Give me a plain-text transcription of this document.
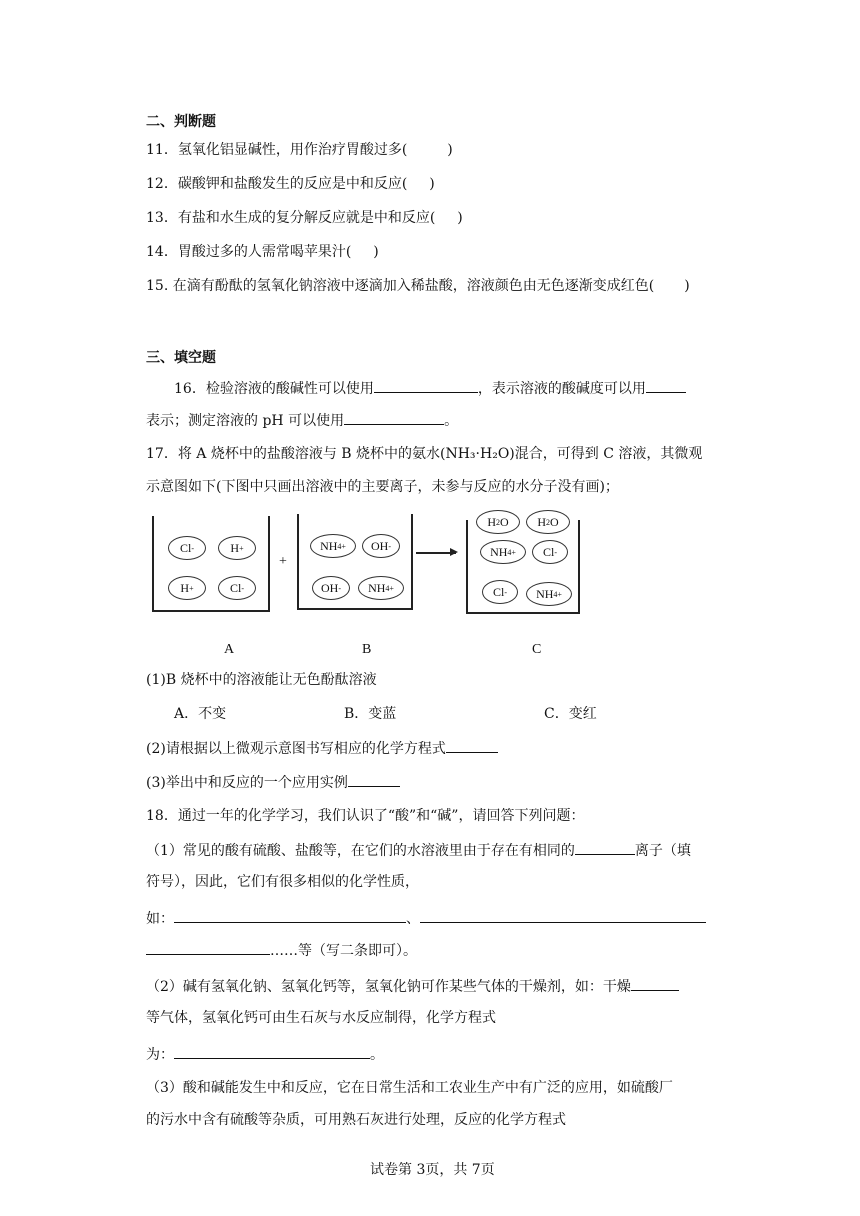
二、判断题
11．氢氧化铝显碱性，用作治疗胃酸过多(	)
12．碳酸钾和盐酸发生的反应是中和反应( )
13．有盐和水生成的复分解反应就是中和反应( )
14．胃酸过多的人需常喝苹果汁( )
15. 在滴有酚酞的氢氧化钠溶液中逐滴加入稀盐酸，溶液颜色由无色逐渐变成红色( )
三、填空题
16．检验溶液的酸碱性可以使用	，表示溶液的酸碱度可以用
表示；测定溶液的 pH 可以使用	。
17．将 A 烧杯中的盐酸溶液与 B 烧杯中的氨水(NH₃·H₂O)混合，可得到 C 溶液，其微观
示意图如下(下图中只画出溶液中的主要离子，未参与反应的水分子没有画)；
Cl -	H +
H +	Cl -
+
NH 4 +	OH -
OH -	NH 4 +
H 2 O	H 2 O
NH 4 +	Cl -
Cl -	NH 4 +
A	B	C
(1)B 烧杯中的溶液能让无色酚酞溶液
A．不变	B．变蓝	C．变红
(2)请根据以上微观示意图书写相应的化学方程式
(3)举出中和反应的一个应用实例
18．通过一年的化学学习，我们认识了“酸”和“碱”，请回答下列问题：
（1）常见的酸有硫酸、盐酸等，在它们的水溶液里由于存在有相同的	离子（填
符号），因此，它们有很多相似的化学性质，
如：	、
……等（写二条即可）。
（2）碱有氢氧化钠、氢氧化钙等，氢氧化钠可作某些气体的干燥剂，如：干燥
等气体，氢氧化钙可由生石灰与水反应制得，化学方程式
为：	。
（3）酸和碱能发生中和反应，它在日常生活和工农业生产中有广泛的应用，如硫酸厂
的污水中含有硫酸等杂质，可用熟石灰进行处理，反应的化学方程式
试卷第 3页，共 7页
